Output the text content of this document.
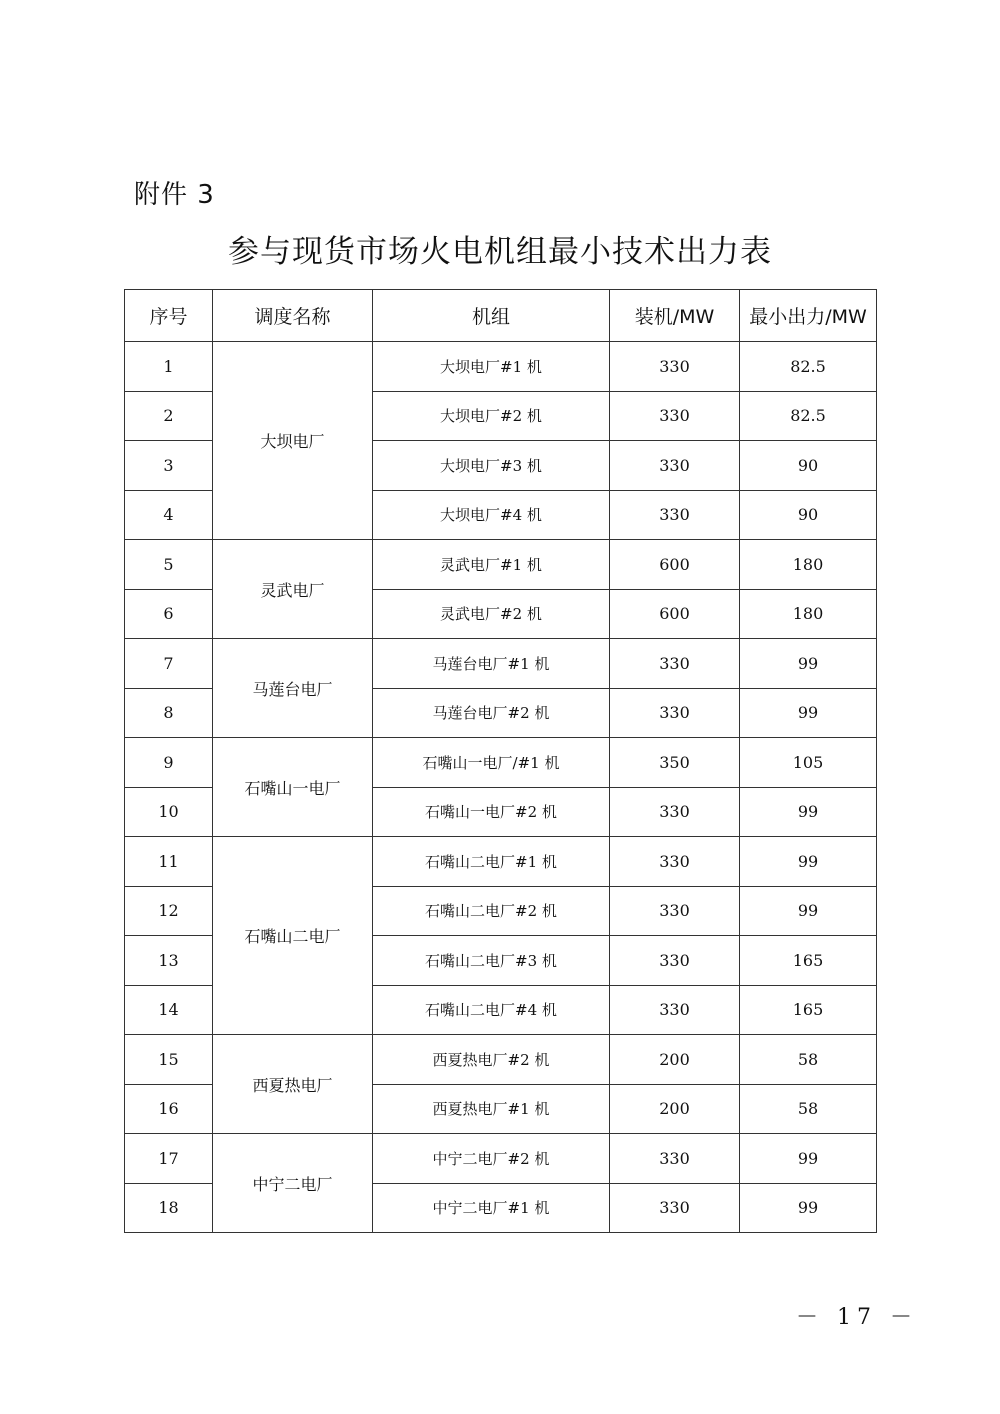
附件 3
参与现货市场火电机组最小技术出力表
序号	调度名称	机组	装机/MW	最小出力/MW
1	大坝电厂	大坝电厂#1 机	330	82.5
2		大坝电厂#2 机	330	82.5
3		大坝电厂#3 机	330	90
4		大坝电厂#4 机	330	90
5	灵武电厂	灵武电厂#1 机	600	180
6		灵武电厂#2 机	600	180
7	马莲台电厂	马莲台电厂#1 机	330	99
8		马莲台电厂#2 机	330	99
9	石嘴山一电厂	石嘴山一电厂/#1 机	350	105
10		石嘴山一电厂#2 机	330	99
11	石嘴山二电厂	石嘴山二电厂#1 机	330	99
12		石嘴山二电厂#2 机	330	99
13		石嘴山二电厂#3 机	330	165
14		石嘴山二电厂#4 机	330	165
15	西夏热电厂	西夏热电厂#2 机	200	58
16		西夏热电厂#1 机	200	58
17	中宁二电厂	中宁二电厂#2 机	330	99
18		中宁二电厂#1 机	330	99
－ 17 －
